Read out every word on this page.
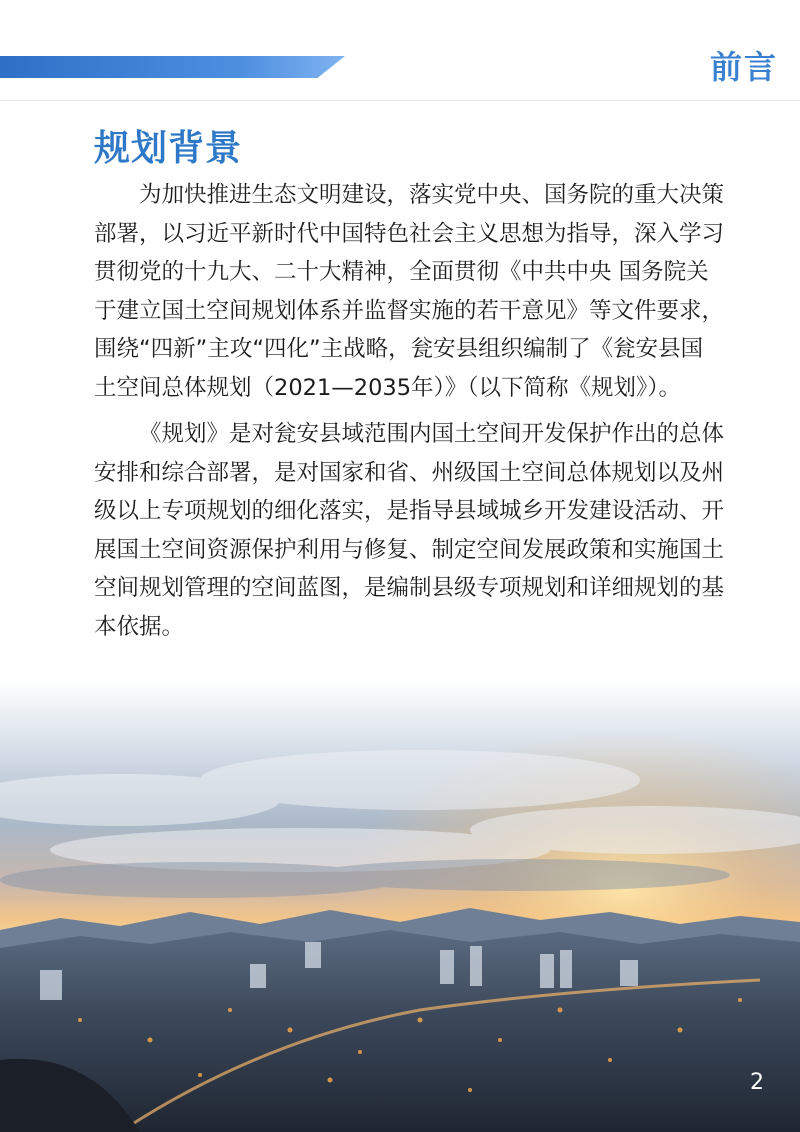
前言
规划背景

为加快推进生态文明建设，落实党中央、国务院的重大决策部署，以习近平新时代中国特色社会主义思想为指导，深入学习贯彻党的十九大、二十大精神，全面贯彻《中共中央 国务院关于建立国土空间规划体系并监督实施的若干意见》等文件要求，围绕“四新”主攻“四化”主战略，瓮安县组织编制了《瓮安县国土空间总体规划（2021—2035年）》（以下简称《规划》）。

《规划》是对瓮安县域范围内国土空间开发保护作出的总体安排和综合部署，是对国家和省、州级国土空间总体规划以及州级以上专项规划的细化落实，是指导县域城乡开发建设活动、开展国土空间资源保护利用与修复、制定空间发展政策和实施国土空间规划管理的空间蓝图，是编制县级专项规划和详细规划的基本依据。

2
